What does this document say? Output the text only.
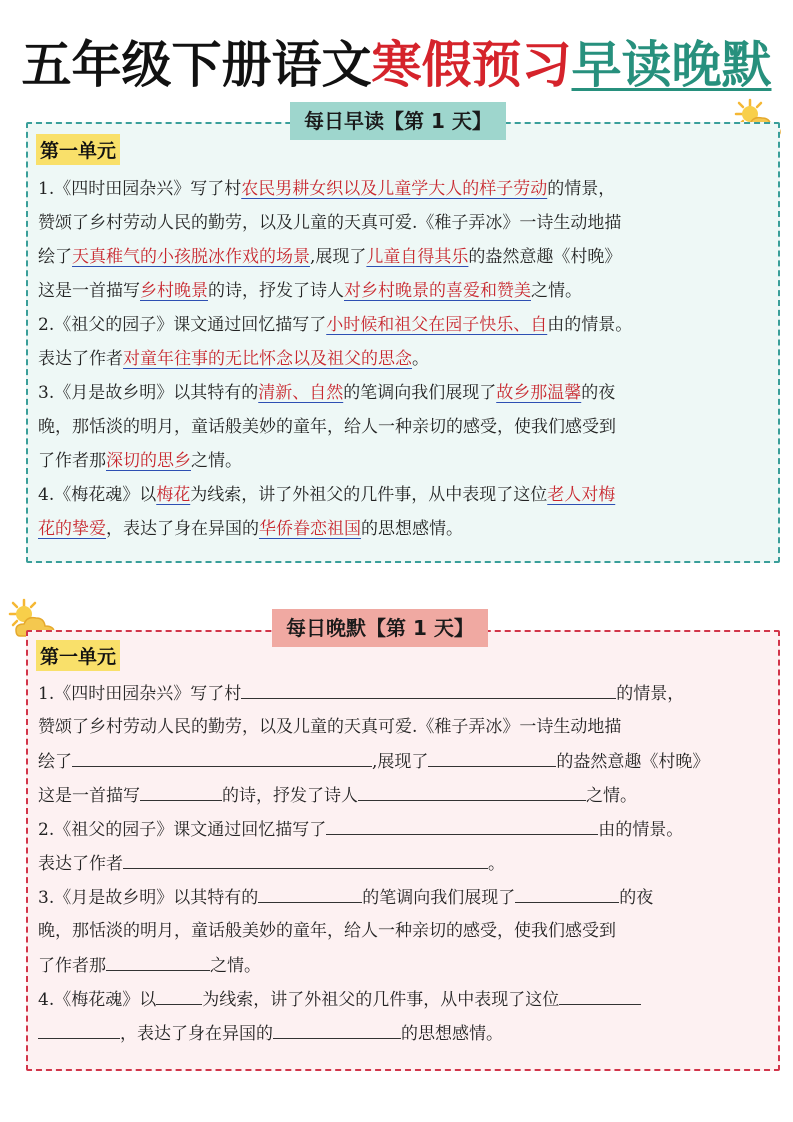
五年级下册语文寒假预习早读晚默
每日早读【第 1 天】
第一单元
1.《四时田园杂兴》写了村农民男耕女织以及儿童学大人的样子劳动的情景，
赞颂了乡村劳动人民的勤劳，以及儿童的天真可爱.《稚子弄冰》一诗生动地描
绘了天真稚气的小孩脱冰作戏的场景,展现了儿童自得其乐的盎然意趣《村晚》
这是一首描写乡村晚景的诗，抒发了诗人对乡村晚景的喜爱和赞美之情。
2.《祖父的园子》课文通过回忆描写了小时候和祖父在园子快乐、自由的情景。
表达了作者对童年往事的无比怀念以及祖父的思念。
3.《月是故乡明》以其特有的清新、自然的笔调向我们展现了故乡那温馨的夜
晚，那恬淡的明月，童话般美妙的童年，给人一种亲切的感受，使我们感受到
了作者那深切的思乡之情。
4.《梅花魂》以梅花为线索，讲了外祖父的几件事，从中表现了这位老人对梅
花的挚爱，表达了身在异国的华侨眷恋祖国的思想感情。
每日晚默【第 1 天】
第一单元
1.《四时田园杂兴》写了村	的情景，
赞颂了乡村劳动人民的勤劳，以及儿童的天真可爱.《稚子弄冰》一诗生动地描
绘了	,展现了	的盎然意趣《村晚》
这是一首描写	的诗，抒发了诗人	之情。
2.《祖父的园子》课文通过回忆描写了	由的情景。
表达了作者	。
3.《月是故乡明》以其特有的	的笔调向我们展现了	的夜
晚，那恬淡的明月，童话般美妙的童年，给人一种亲切的感受，使我们感受到
了作者那	之情。
4.《梅花魂》以	为线索，讲了外祖父的几件事，从中表现了这位
，表达了身在异国的	的思想感情。
